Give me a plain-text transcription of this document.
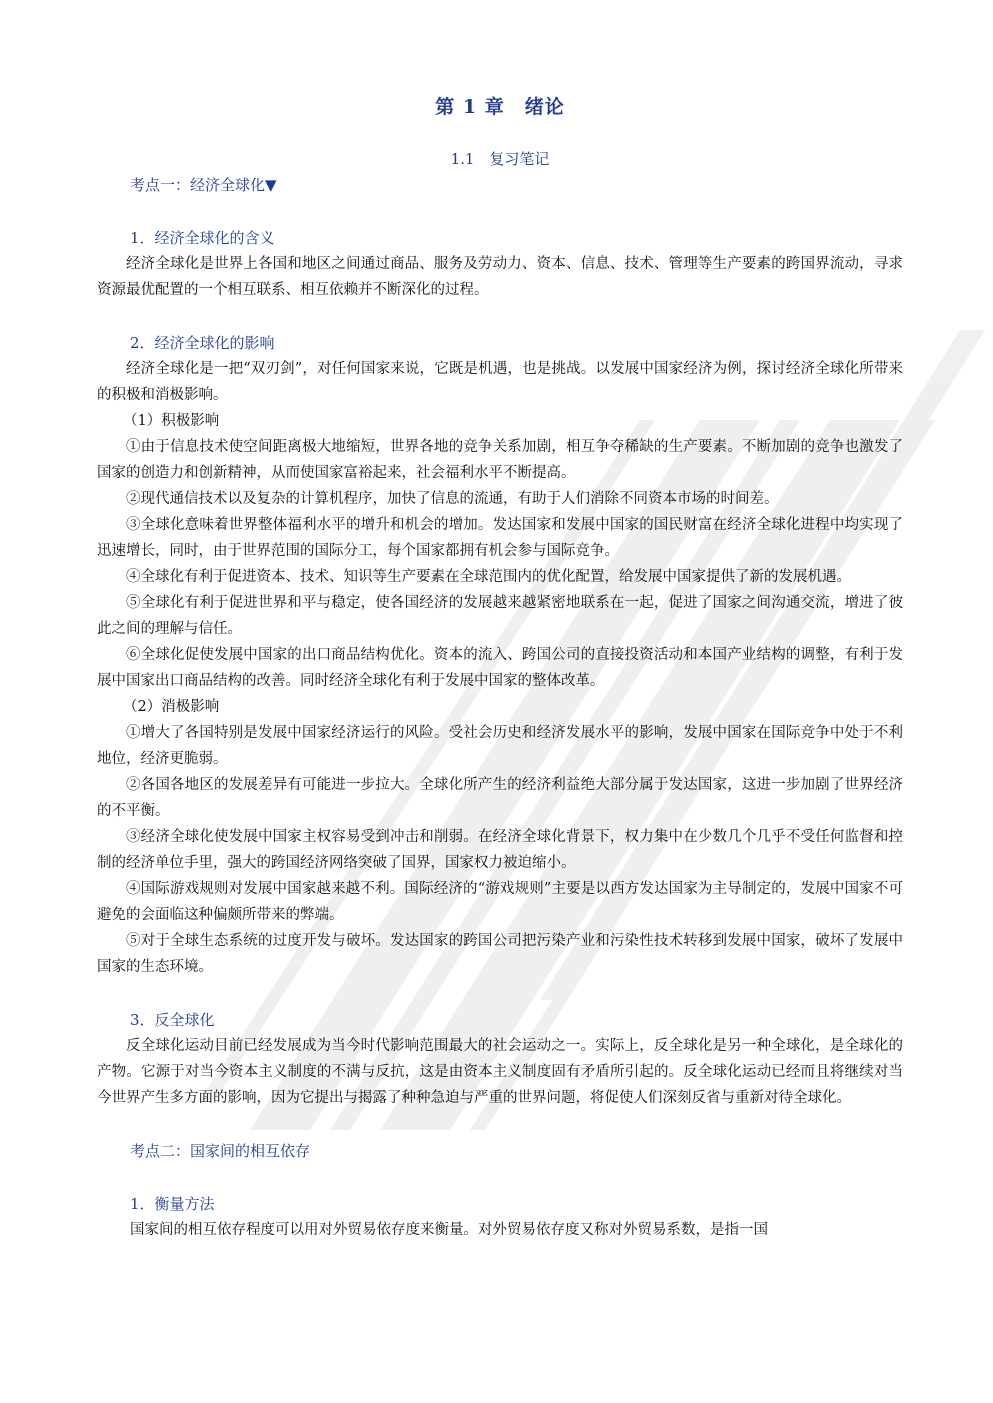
第 1 章　绪论
1.1　复习笔记
考点一：经济全球化▼
1．经济全球化的含义

经济全球化是世界上各国和地区之间通过商品、服务及劳动力、资本、信息、技术、管理等生产要素的跨国界流动，寻求资源最优配置的一个相互联系、相互依赖并不断深化的过程。

2．经济全球化的影响

经济全球化是一把“双刃剑”，对任何国家来说，它既是机遇，也是挑战。以发展中国家经济为例，探讨经济全球化所带来的积极和消极影响。

（1）积极影响

①由于信息技术使空间距离极大地缩短，世界各地的竞争关系加剧，相互争夺稀缺的生产要素。不断加剧的竞争也激发了国家的创造力和创新精神，从而使国家富裕起来，社会福利水平不断提高。

②现代通信技术以及复杂的计算机程序，加快了信息的流通，有助于人们消除不同资本市场的时间差。

③全球化意味着世界整体福利水平的增升和机会的增加。发达国家和发展中国家的国民财富在经济全球化进程中均实现了迅速增长，同时，由于世界范围的国际分工，每个国家都拥有机会参与国际竞争。

④全球化有利于促进资本、技术、知识等生产要素在全球范围内的优化配置，给发展中国家提供了新的发展机遇。

⑤全球化有利于促进世界和平与稳定，使各国经济的发展越来越紧密地联系在一起，促进了国家之间沟通交流，增进了彼此之间的理解与信任。

⑥全球化促使发展中国家的出口商品结构优化。资本的流入、跨国公司的直接投资活动和本国产业结构的调整，有利于发展中国家出口商品结构的改善。同时经济全球化有利于发展中国家的整体改革。

（2）消极影响

①增大了各国特别是发展中国家经济运行的风险。受社会历史和经济发展水平的影响，发展中国家在国际竞争中处于不利地位，经济更脆弱。

②各国各地区的发展差异有可能进一步拉大。全球化所产生的经济利益绝大部分属于发达国家，这进一步加剧了世界经济的不平衡。

③经济全球化使发展中国家主权容易受到冲击和削弱。在经济全球化背景下，权力集中在少数几个几乎不受任何监督和控制的经济单位手里，强大的跨国经济网络突破了国界，国家权力被迫缩小。

④国际游戏规则对发展中国家越来越不利。国际经济的“游戏规则”主要是以西方发达国家为主导制定的，发展中国家不可避免的会面临这种偏颇所带来的弊端。

⑤对于全球生态系统的过度开发与破坏。发达国家的跨国公司把污染产业和污染性技术转移到发展中国家，破坏了发展中国家的生态环境。

3．反全球化

反全球化运动目前已经发展成为当今时代影响范围最大的社会运动之一。实际上，反全球化是另一种全球化，是全球化的产物。它源于对当今资本主义制度的不满与反抗，这是由资本主义制度固有矛盾所引起的。反全球化运动已经而且将继续对当今世界产生多方面的影响，因为它提出与揭露了种种急迫与严重的世界问题，将促使人们深刻反省与重新对待全球化。

考点二：国家间的相互依存
1．衡量方法

国家间的相互依存程度可以用对外贸易依存度来衡量。对外贸易依存度又称对外贸易系数，是指一国
